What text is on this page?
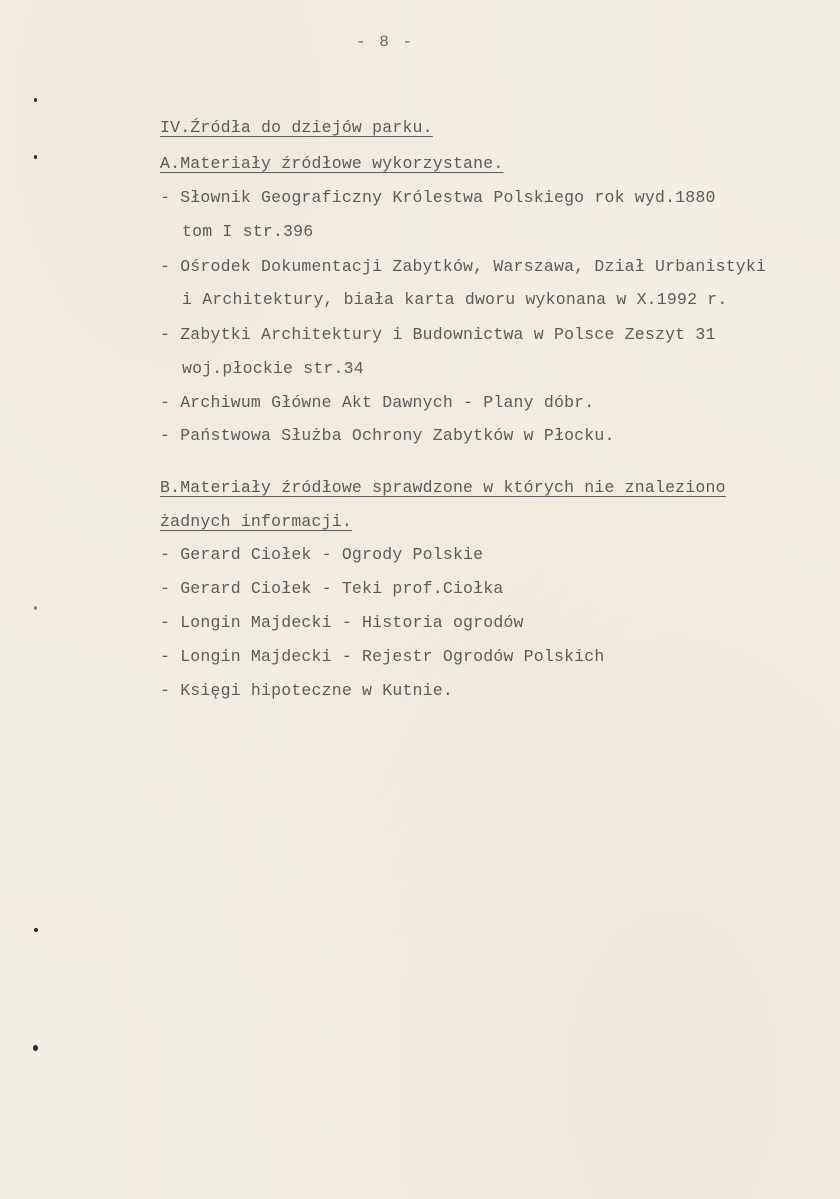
- 8 -
IV.Źródła do dziejów parku.
A.Materiały źródłowe wykorzystane.
- Słownik Geograficzny Królestwa Polskiego rok wyd.1880
tom I str.396
- Ośrodek Dokumentacji Zabytków, Warszawa, Dział Urbanistyki
i Architektury, biała karta dworu wykonana w X.1992 r.
- Zabytki Architektury i Budownictwa w Polsce Zeszyt 31
woj.płockie str.34
- Archiwum Główne Akt Dawnych - Plany dóbr.
- Państwowa Służba Ochrony Zabytków w Płocku.
B.Materiały źródłowe sprawdzone w których nie znaleziono
żadnych informacji.
- Gerard Ciołek - Ogrody Polskie
- Gerard Ciołek - Teki prof.Ciołka
- Longin Majdecki - Historia ogrodów
- Longin Majdecki - Rejestr Ogrodów Polskich
- Księgi hipoteczne w Kutnie.
